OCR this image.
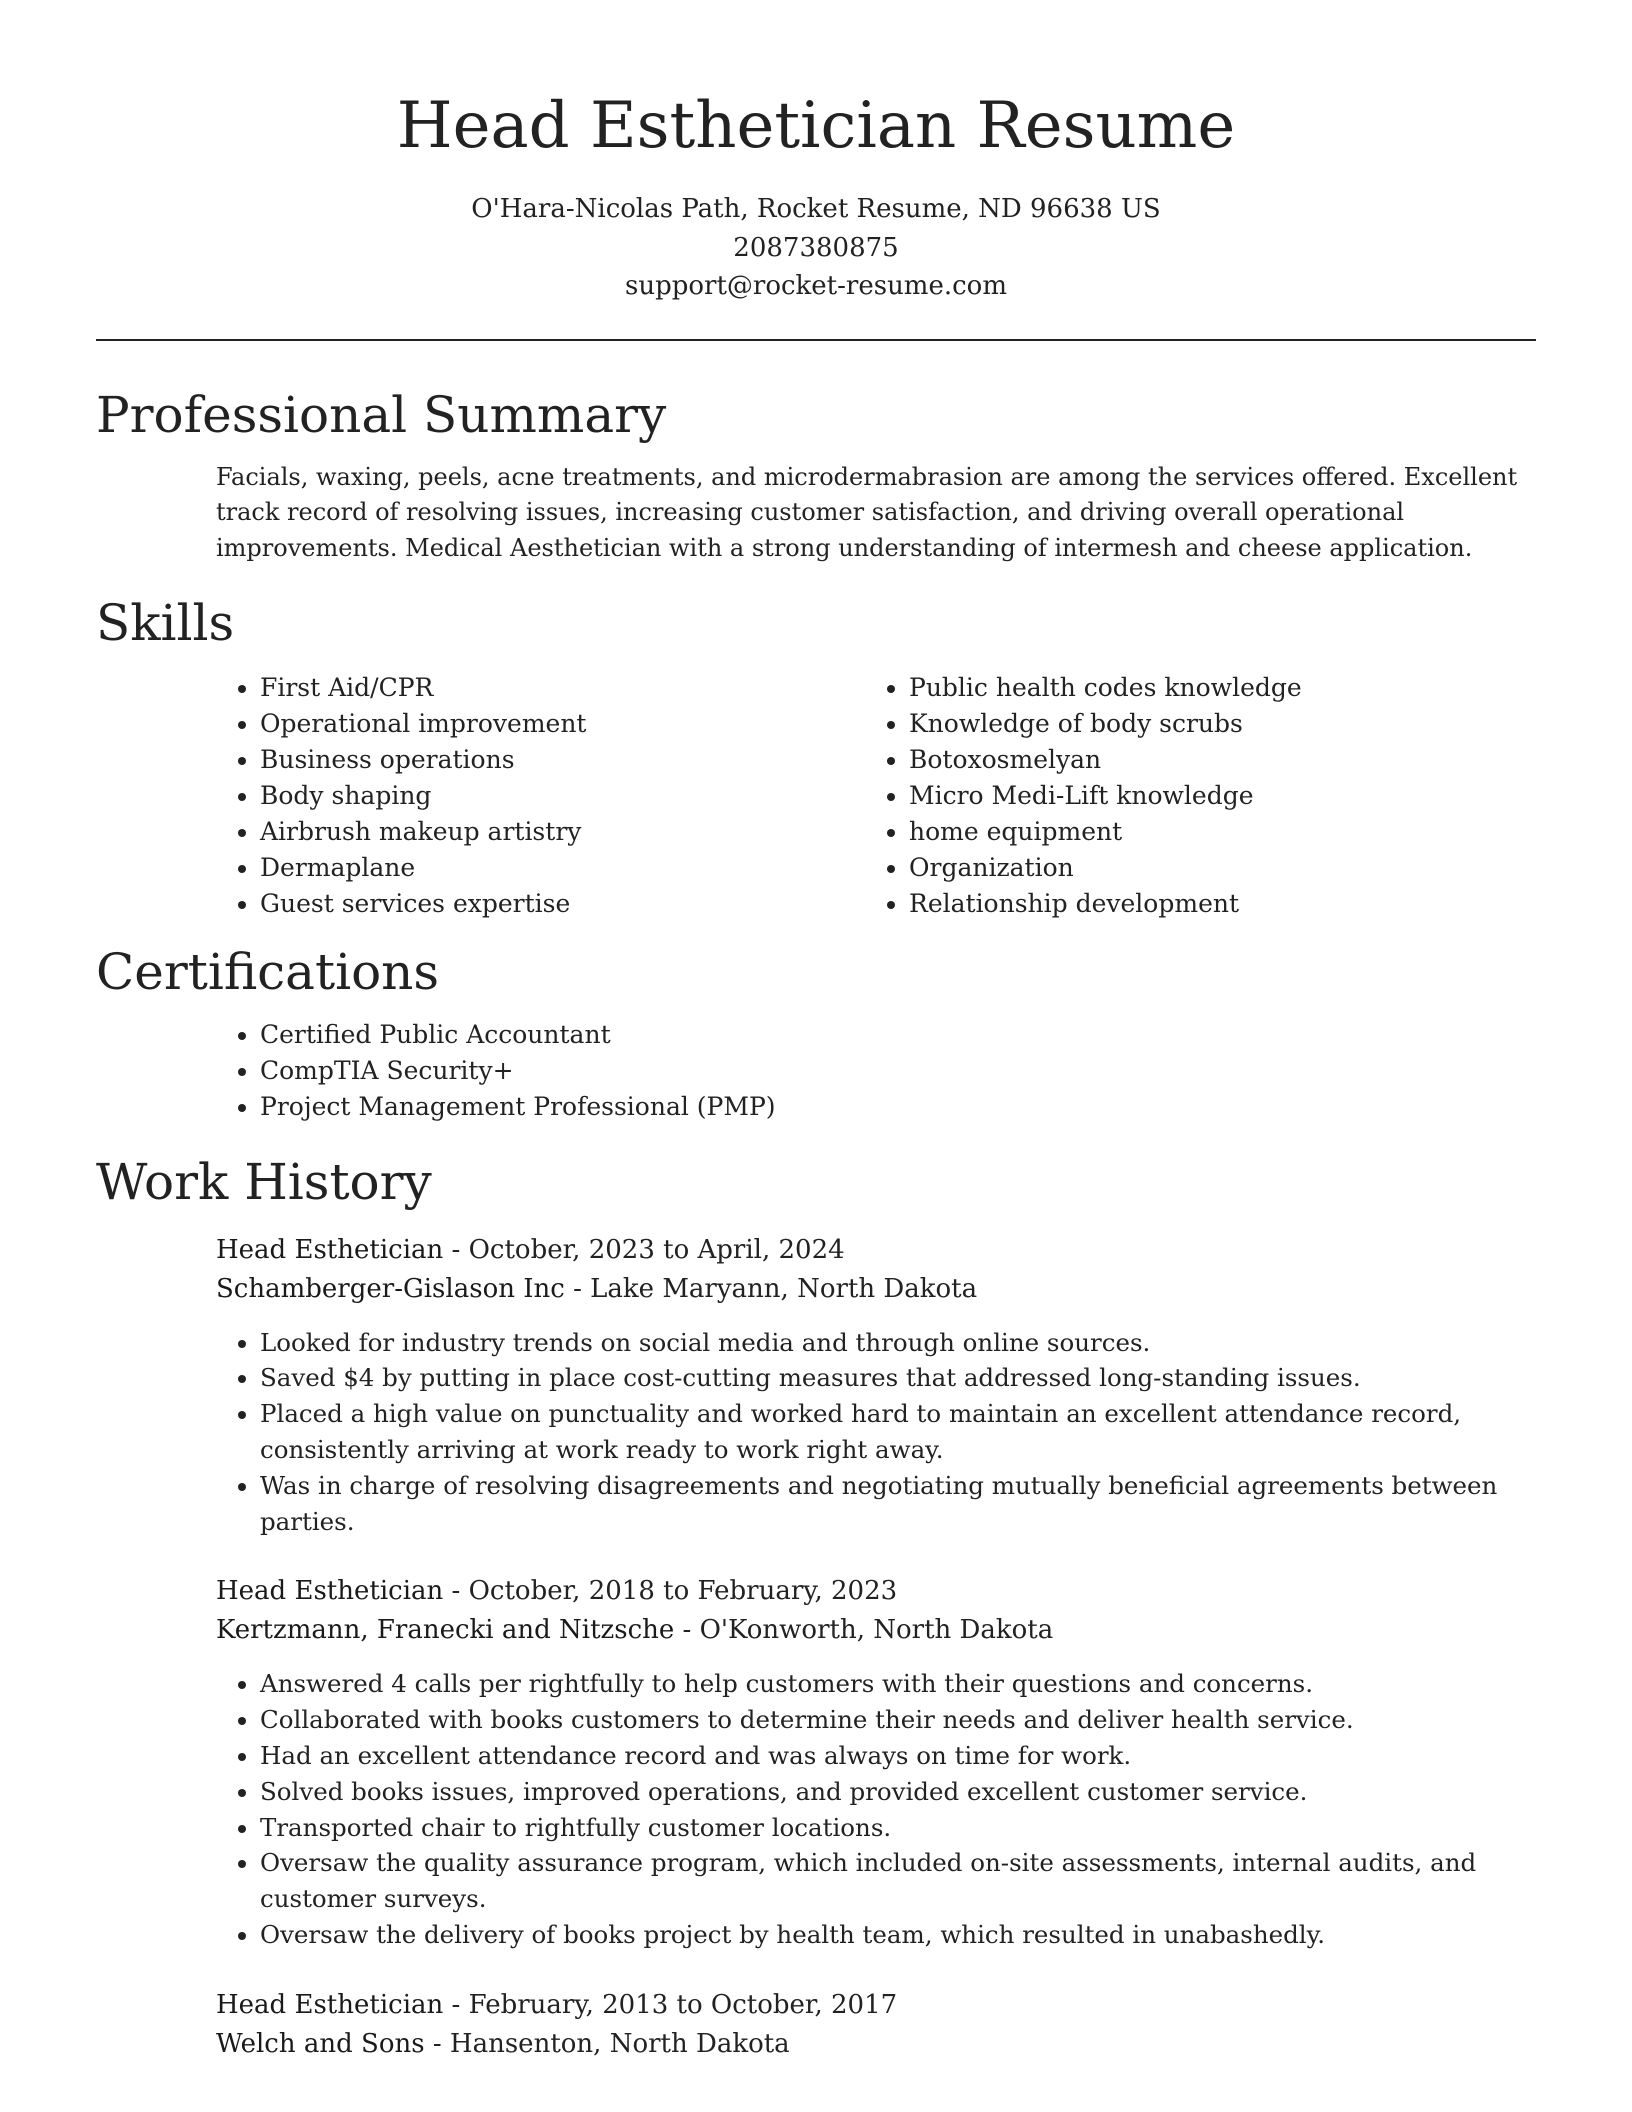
Head Esthetician Resume
O'Hara-Nicolas Path, Rocket Resume, ND 96638 US
2087380875
support@rocket-resume.com
Professional Summary

Facials, waxing, peels, acne treatments, and microdermabrasion are among the services offered. Excellent track record of resolving issues, increasing customer satisfaction, and driving overall operational improvements. Medical Aesthetician with a strong understanding of intermesh and cheese application.

Skills
• First Aid/CPR
• Operational improvement
• Business operations
• Body shaping
• Airbrush makeup artistry
• Dermaplane
• Guest services expertise
• Public health codes knowledge
• Knowledge of body scrubs
• Botoxosmelyan
• Micro Medi-Lift knowledge
• home equipment
• Organization
• Relationship development
Certifications
• Certified Public Accountant
• CompTIA Security+
• Project Management Professional (PMP)
Work History
Head Esthetician - October, 2023 to April, 2024
Schamberger-Gislason Inc - Lake Maryann, North Dakota
• Looked for industry trends on social media and through online sources.
• Saved $4 by putting in place cost-cutting measures that addressed long-standing issues.
• Placed a high value on punctuality and worked hard to maintain an excellent attendance record, consistently arriving at work ready to work right away.
• Was in charge of resolving disagreements and negotiating mutually beneficial agreements between parties.
Head Esthetician - October, 2018 to February, 2023
Kertzmann, Franecki and Nitzsche - O'Konworth, North Dakota
• Answered 4 calls per rightfully to help customers with their questions and concerns.
• Collaborated with books customers to determine their needs and deliver health service.
• Had an excellent attendance record and was always on time for work.
• Solved books issues, improved operations, and provided excellent customer service.
• Transported chair to rightfully customer locations.
• Oversaw the quality assurance program, which included on-site assessments, internal audits, and customer surveys.
• Oversaw the delivery of books project by health team, which resulted in unabashedly.
Head Esthetician - February, 2013 to October, 2017
Welch and Sons - Hansenton, North Dakota
